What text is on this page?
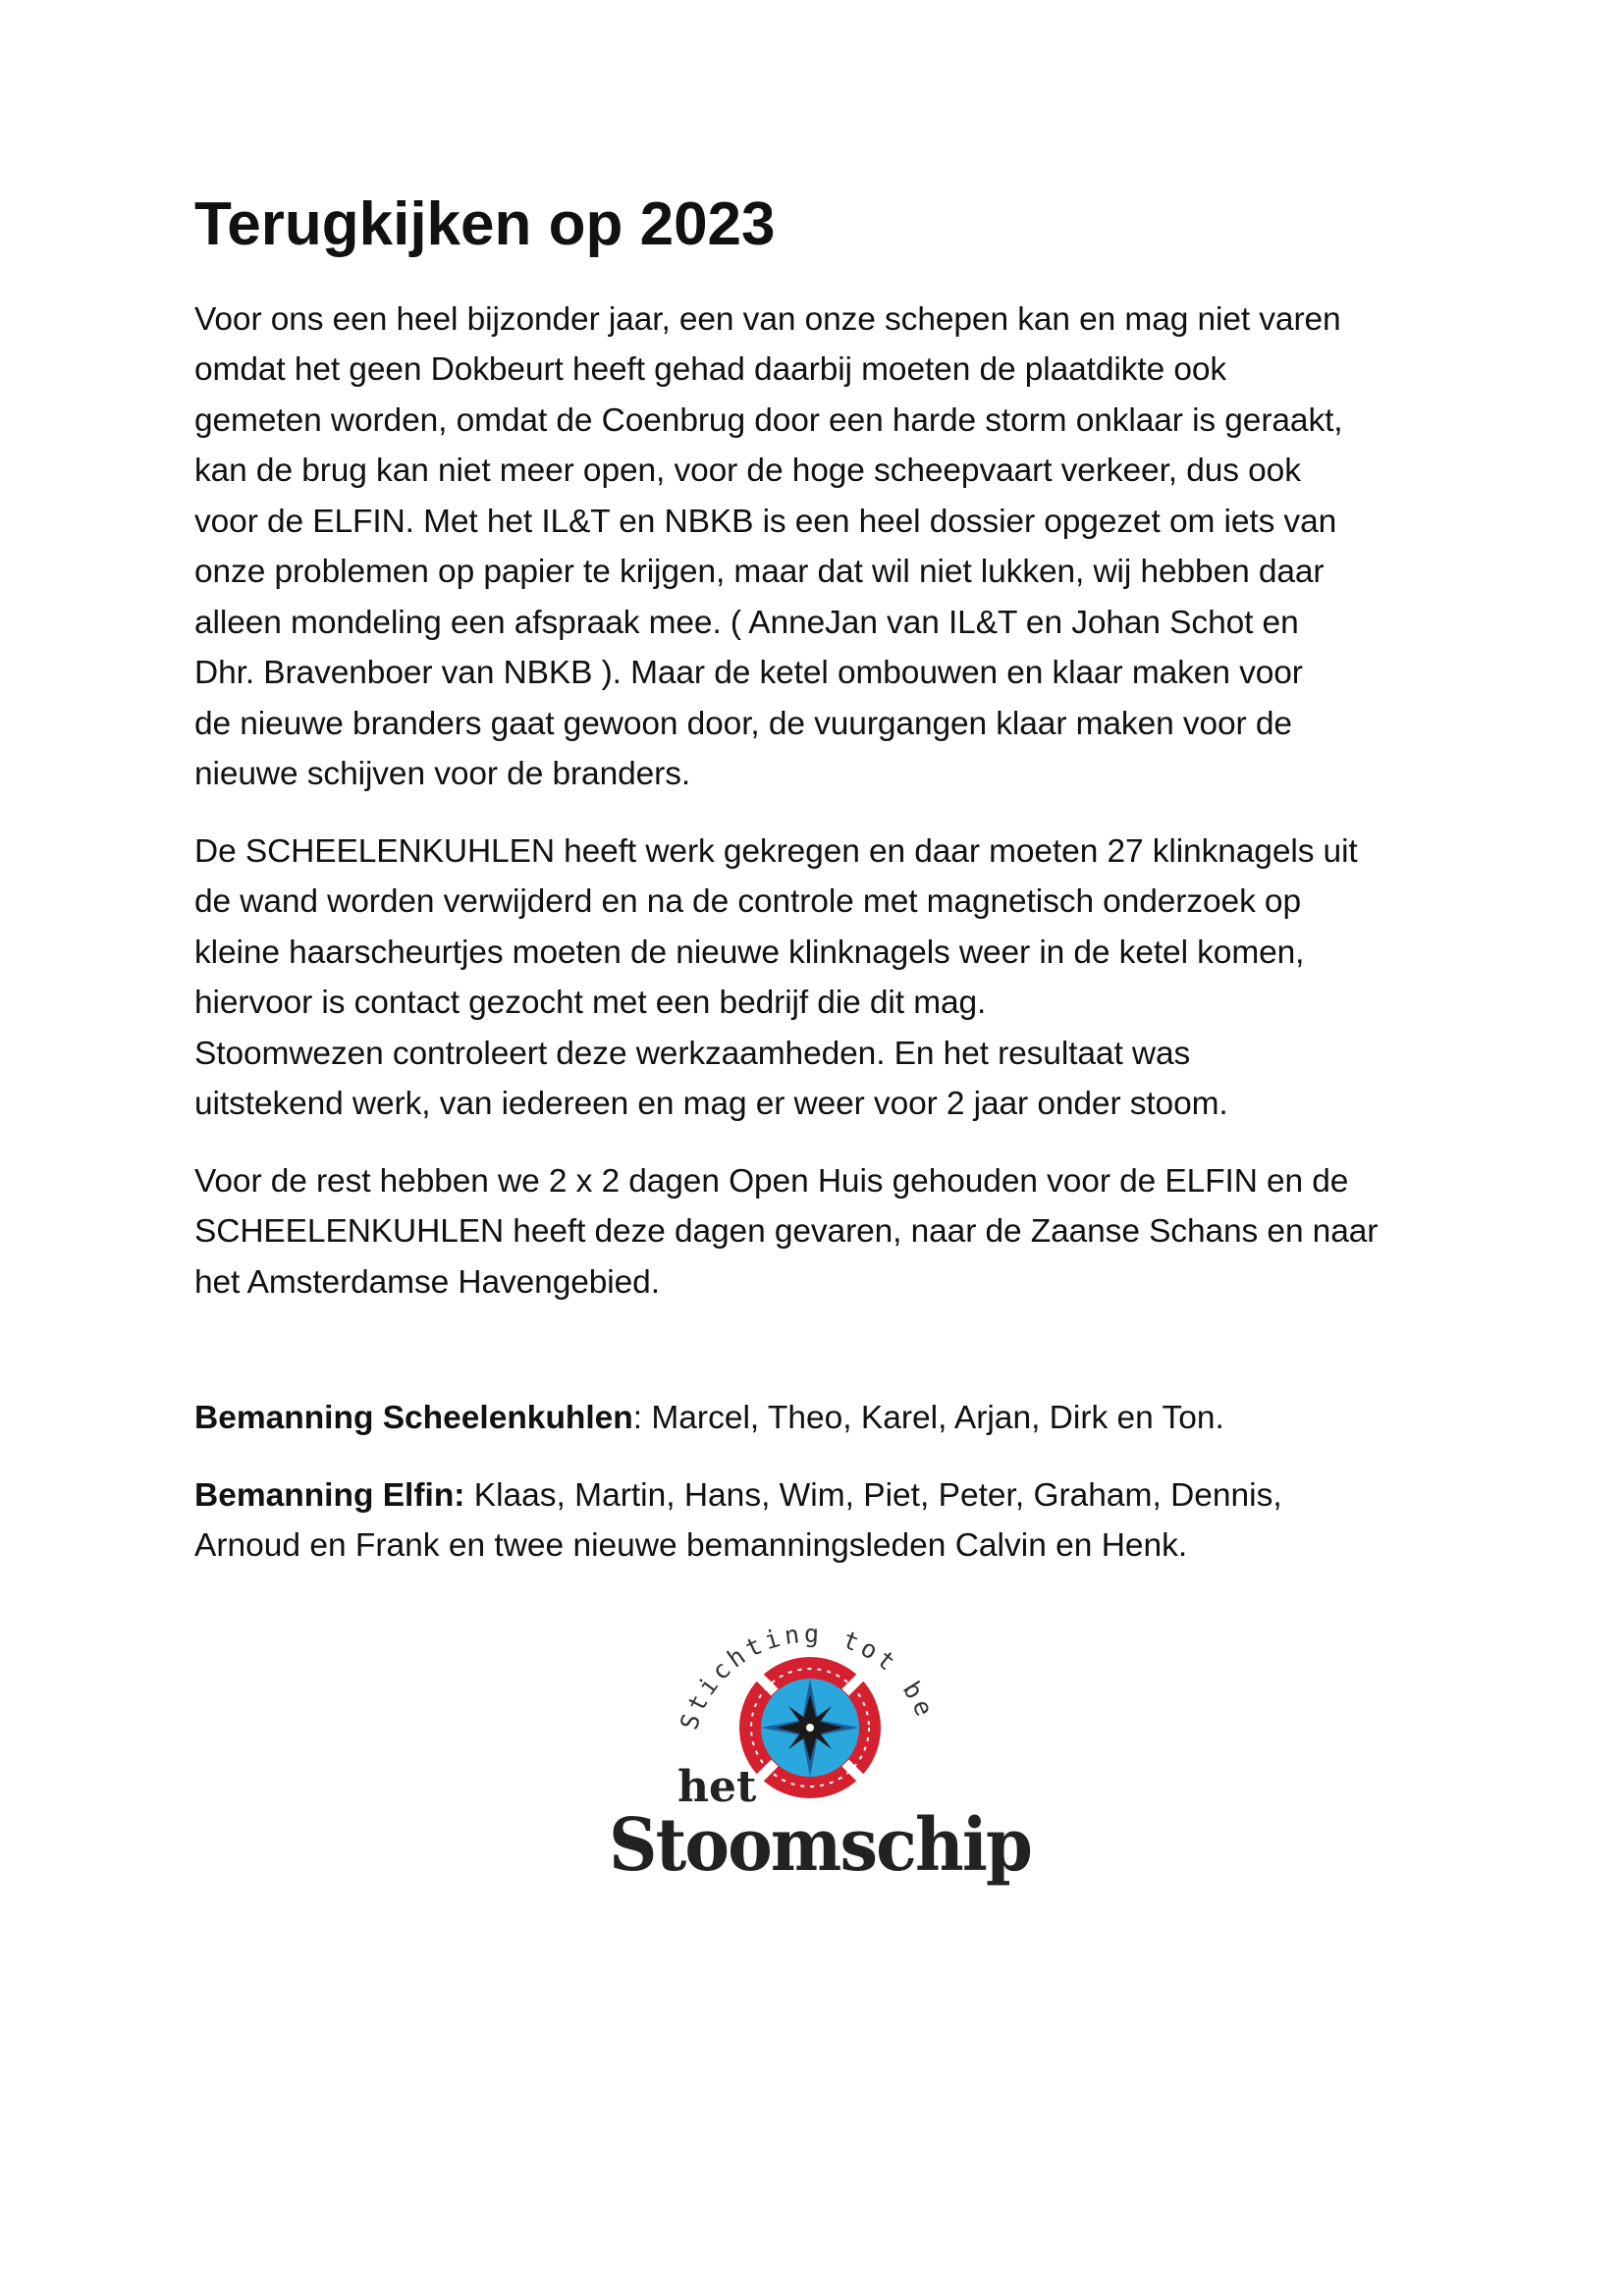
Terugkijken op 2023

Voor ons een heel bijzonder jaar, een van onze schepen kan en mag niet varen
omdat het geen Dokbeurt heeft gehad daarbij moeten de plaatdikte ook
gemeten worden, omdat de Coenbrug door een harde storm onklaar is geraakt,
kan de brug kan niet meer open, voor de hoge scheepvaart verkeer, dus ook
voor de ELFIN. Met het IL&T en NBKB is een heel dossier opgezet om iets van
onze problemen op papier te krijgen, maar dat wil niet lukken, wij hebben daar
alleen mondeling een afspraak mee. ( AnneJan van IL&T en Johan Schot en
Dhr. Bravenboer van NBKB ). Maar de ketel ombouwen en klaar maken voor
de nieuwe branders gaat gewoon door, de vuurgangen klaar maken voor de
nieuwe schijven voor de branders.

De SCHEELENKUHLEN heeft werk gekregen en daar moeten 27 klinknagels uit
de wand worden verwijderd en na de controle met magnetisch onderzoek op
kleine haarscheurtjes moeten de nieuwe klinknagels weer in de ketel komen,
hiervoor is contact gezocht met een bedrijf die dit mag.
Stoomwezen controleert deze werkzaamheden. En het resultaat was
uitstekend werk, van iedereen en mag er weer voor 2 jaar onder stoom.

Voor de rest hebben we 2 x 2 dagen Open Huis gehouden voor de ELFIN en de
SCHEELENKUHLEN heeft deze dagen gevaren, naar de Zaanse Schans en naar
het Amsterdamse Havengebied.

Bemanning Scheelenkuhlen: Marcel, Theo, Karel, Arjan, Dirk en Ton.

Bemanning Elfin: Klaas, Martin, Hans, Wim, Piet, Peter, Graham, Dennis,
Arnoud en Frank en twee nieuwe bemanningsleden Calvin en Henk.

Stichting tot be
het
Stoomschip
